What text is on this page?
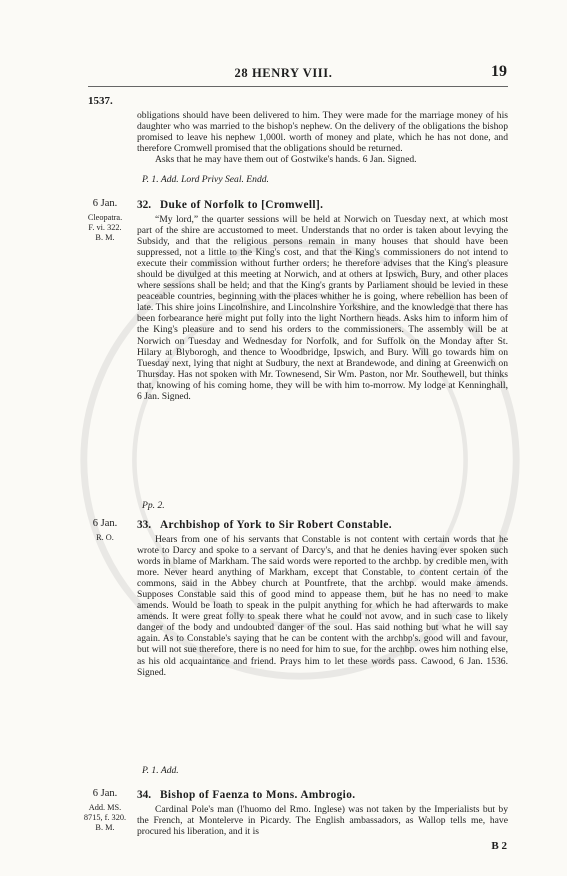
28 HENRY VIII.	19
1537.

obligations should have been delivered to him. They were made for the marriage money of his daughter who was married to the bishop's nephew. On the delivery of the obligations the bishop promised to leave his nephew 1,000l. worth of money and plate, which he has not done, and therefore Cromwell promised that the obligations should be returned.

Asks that he may have them out of Gostwike's hands. 6 Jan. Signed.

P. 1. Add. Lord Privy Seal. Endd.
6 Jan.
Cleopatra.
F. vi. 322.
B. M.
32. Duke of Norfolk to [Cromwell].

“My lord,” the quarter sessions will be held at Norwich on Tuesday next, at which most part of the shire are accustomed to meet. Understands that no order is taken about levying the Subsidy, and that the religious persons remain in many houses that should have been suppressed, not a little to the King's cost, and that the King's commissioners do not intend to execute their commission without further orders; he therefore advises that the King's pleasure should be divulged at this meeting at Norwich, and at others at Ipswich, Bury, and other places where sessions shall be held; and that the King's grants by Parliament should be levied in these peaceable countries, beginning with the places whither he is going, where rebellion has been of late. This shire joins Lincolnshire, and Lincolnshire Yorkshire, and the knowledge that there has been forbearance here might put folly into the light Northern heads. Asks him to inform him of the King's pleasure and to send his orders to the commissioners. The assembly will be at Norwich on Tuesday and Wednesday for Norfolk, and for Suffolk on the Monday after St. Hilary at Blyborogh, and thence to Woodbridge, Ipswich, and Bury. Will go towards him on Tuesday next, lying that night at Sudbury, the next at Brandewode, and dining at Greenwich on Thursday. Has not spoken with Mr. Townesend, Sir Wm. Paston, nor Mr. Southewell, but thinks that, knowing of his coming home, they will be with him to-morrow. My lodge at Kenninghall, 6 Jan. Signed.

Pp. 2.
6 Jan.
R. O.
33. Archbishop of York to Sir Robert Constable.

Hears from one of his servants that Constable is not content with certain words that he wrote to Darcy and spoke to a servant of Darcy's, and that he denies having ever spoken such words in blame of Markham. The said words were reported to the archbp. by credible men, with more. Never heard anything of Markham, except that Constable, to content certain of the commons, said in the Abbey church at Pountfrete, that the archbp. would make amends. Supposes Constable said this of good mind to appease them, but he has no need to make amends. Would be loath to speak in the pulpit anything for which he had afterwards to make amends. It were great folly to speak there what he could not avow, and in such case to likely danger of the body and undoubted danger of the soul. Has said nothing but what he will say again. As to Constable's saying that he can be content with the archbp's. good will and favour, but will not sue therefore, there is no need for him to sue, for the archbp. owes him nothing else, as his old acquaintance and friend. Prays him to let these words pass. Cawood, 6 Jan. 1536. Signed.

P. 1. Add.
6 Jan.
Add. MS.
8715, f. 320.
B. M.
34. Bishop of Faenza to Mons. Ambrogio.

Cardinal Pole's man (l'huomo del Rmo. Inglese) was not taken by the Imperialists but by the French, at Montelerve in Picardy. The English ambassadors, as Wallop tells me, have procured his liberation, and it is

B 2
